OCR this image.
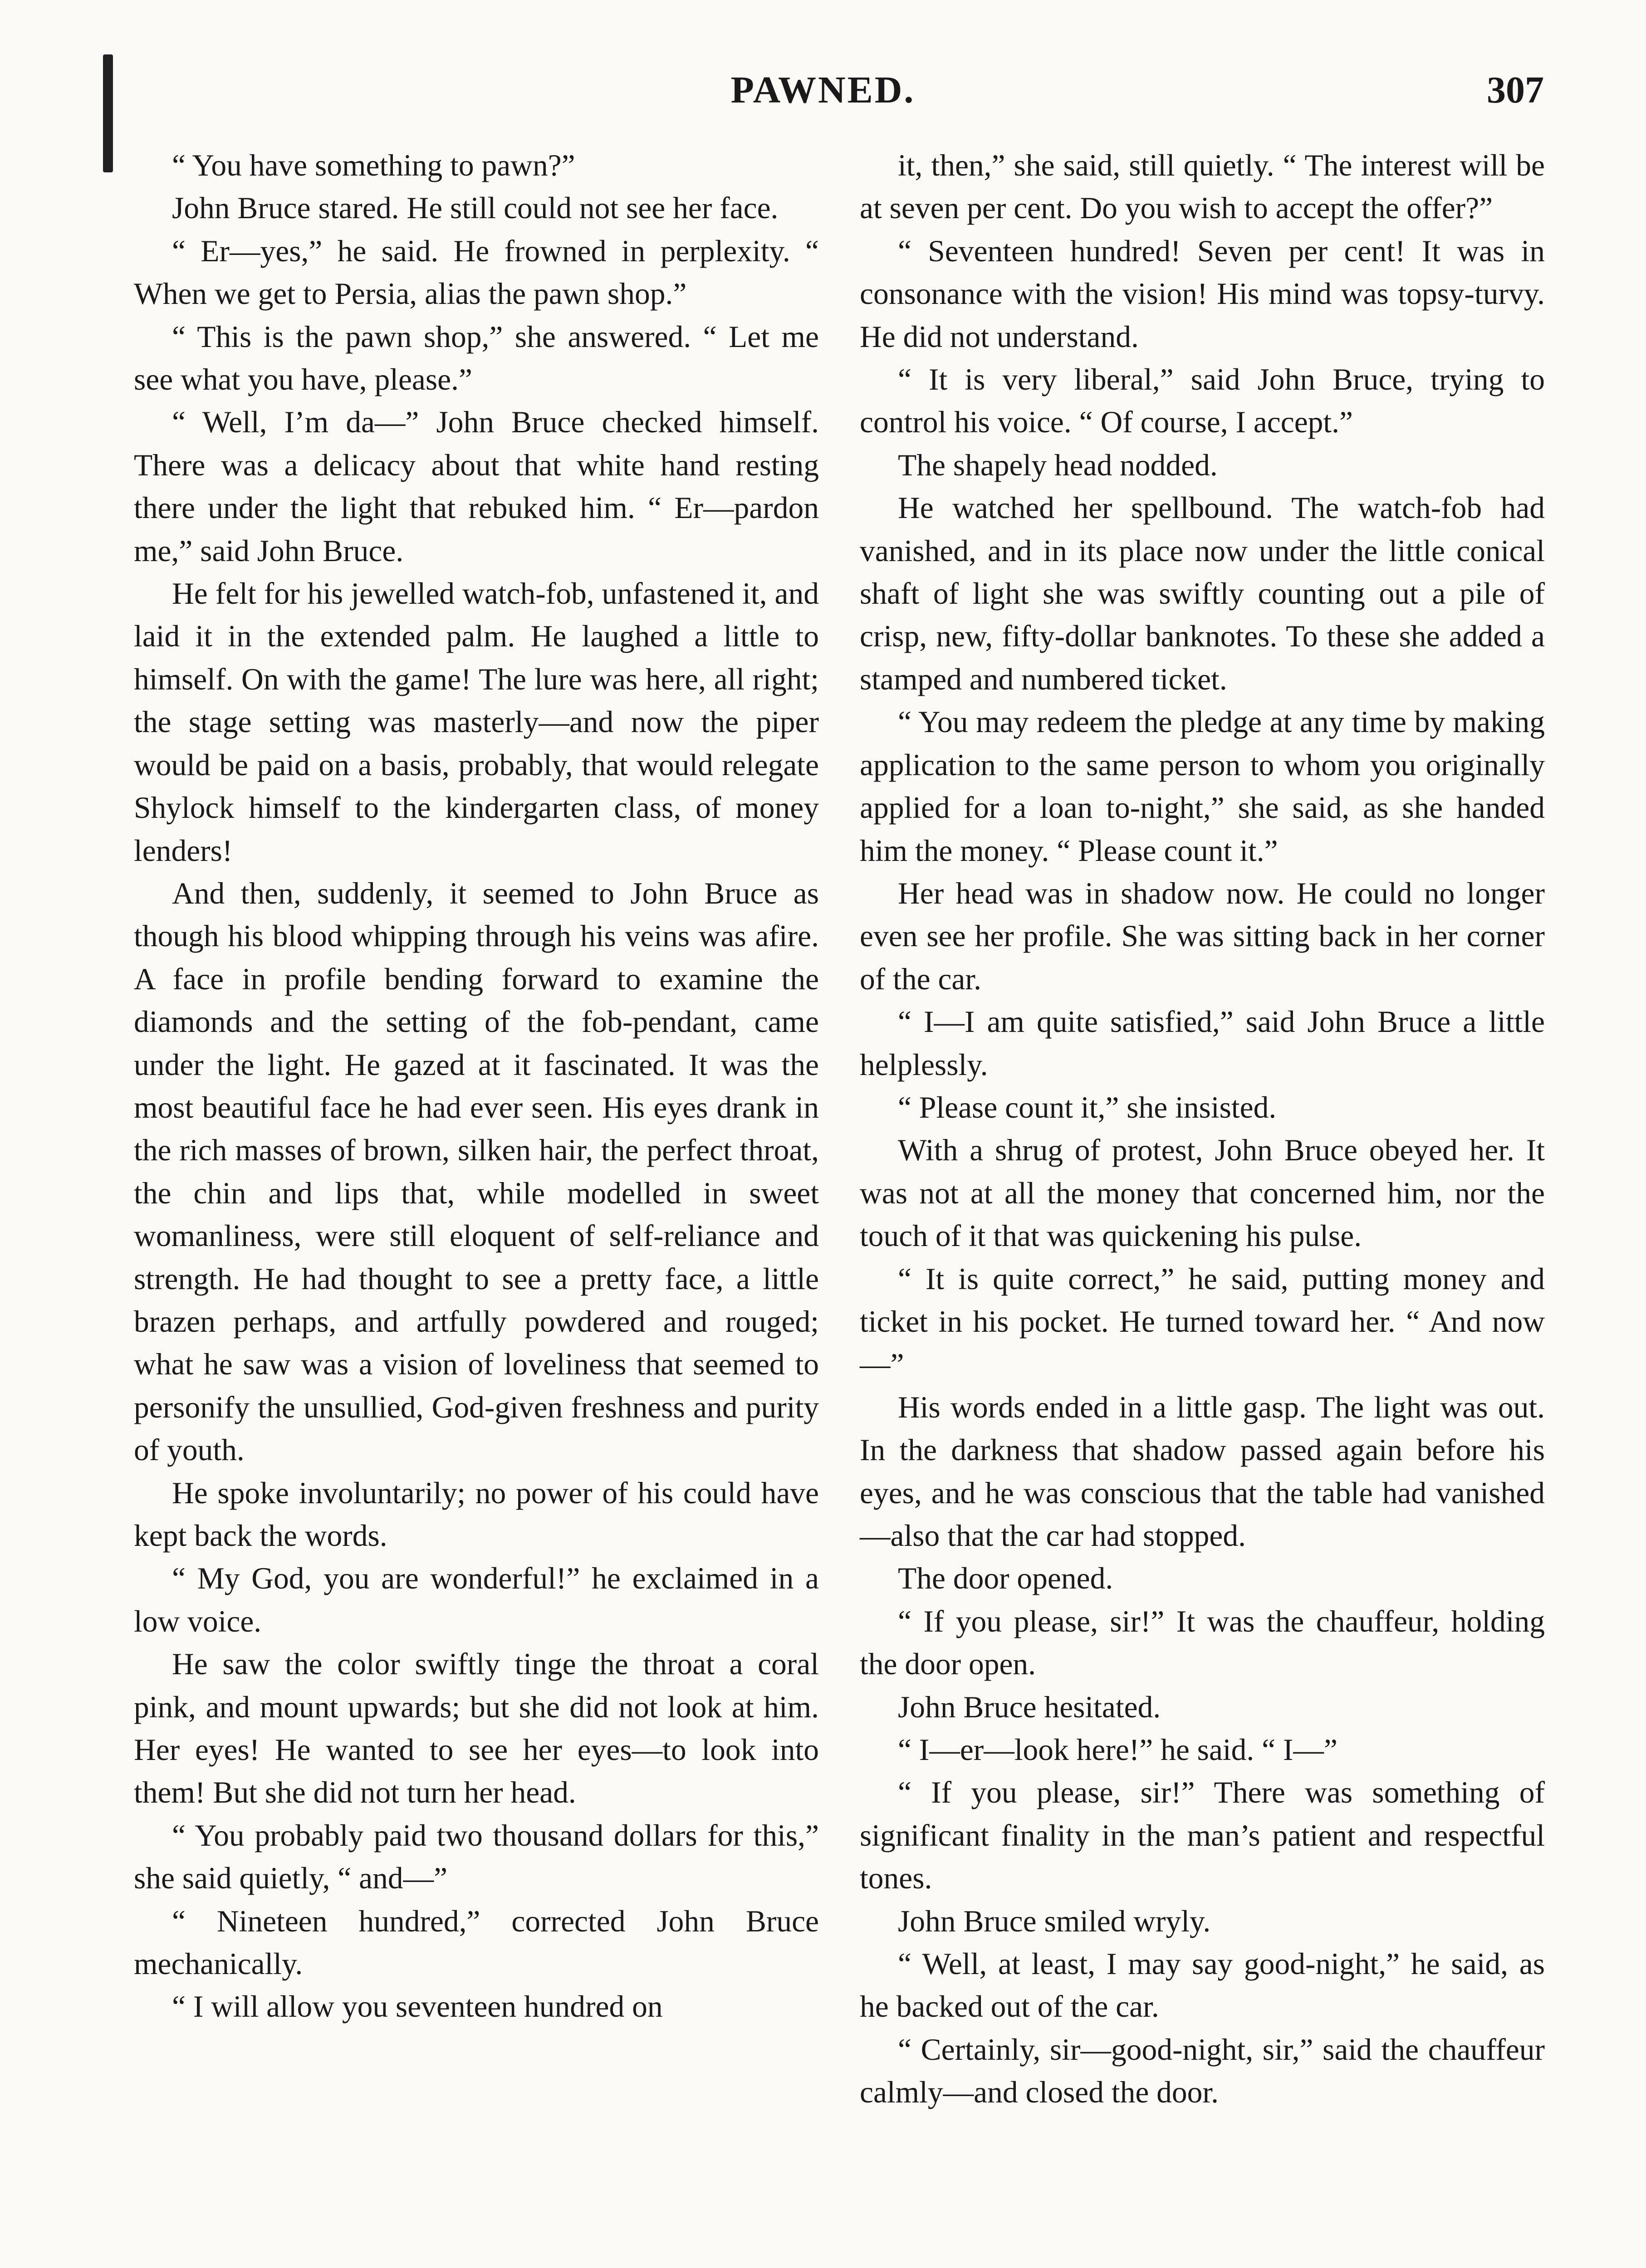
PAWNED.	307

“ You have something to pawn?”

John Bruce stared. He still could not see her face.

“ Er—yes,” he said. He frowned in perplexity. “ When we get to Persia, alias the pawn shop.”

“ This is the pawn shop,” she answered. “ Let me see what you have, please.”

“ Well, I’m da—” John Bruce checked himself. There was a delicacy about that white hand resting there under the light that rebuked him. “ Er—pardon me,” said John Bruce.

He felt for his jewelled watch-fob, unfastened it, and laid it in the extended palm. He laughed a little to himself. On with the game! The lure was here, all right; the stage setting was masterly—and now the piper would be paid on a basis, probably, that would relegate Shylock himself to the kindergarten class, of money lenders!

And then, suddenly, it seemed to John Bruce as though his blood whipping through his veins was afire. A face in profile bending forward to examine the diamonds and the setting of the fob-pendant, came under the light. He gazed at it fascinated. It was the most beautiful face he had ever seen. His eyes drank in the rich masses of brown, silken hair, the perfect throat, the chin and lips that, while modelled in sweet womanliness, were still eloquent of self-reliance and strength. He had thought to see a pretty face, a little brazen perhaps, and artfully powdered and rouged; what he saw was a vision of loveliness that seemed to personify the unsullied, God-given freshness and purity of youth.

He spoke involuntarily; no power of his could have kept back the words.

“ My God, you are wonderful!” he exclaimed in a low voice.

He saw the color swiftly tinge the throat a coral pink, and mount upwards; but she did not look at him. Her eyes! He wanted to see her eyes—to look into them! But she did not turn her head.

“ You probably paid two thousand dollars for this,” she said quietly, “ and—”

“ Nineteen hundred,” corrected John Bruce mechanically.

“ I will allow you seventeen hundred on

it, then,” she said, still quietly. “ The interest will be at seven per cent. Do you wish to accept the offer?”

“ Seventeen hundred! Seven per cent! It was in consonance with the vision! His mind was topsy-turvy. He did not understand.

“ It is very liberal,” said John Bruce, trying to control his voice. “ Of course, I accept.”

The shapely head nodded.

He watched her spellbound. The watch-fob had vanished, and in its place now under the little conical shaft of light she was swiftly counting out a pile of crisp, new, fifty-dollar banknotes. To these she added a stamped and numbered ticket.

“ You may redeem the pledge at any time by making application to the same person to whom you originally applied for a loan to-night,” she said, as she handed him the money. “ Please count it.”

Her head was in shadow now. He could no longer even see her profile. She was sitting back in her corner of the car.

“ I—I am quite satisfied,” said John Bruce a little helplessly.

“ Please count it,” she insisted.

With a shrug of protest, John Bruce obeyed her. It was not at all the money that concerned him, nor the touch of it that was quickening his pulse.

“ It is quite correct,” he said, putting money and ticket in his pocket. He turned toward her. “ And now—”

His words ended in a little gasp. The light was out. In the darkness that shadow passed again before his eyes, and he was conscious that the table had vanished —also that the car had stopped.

The door opened.

“ If you please, sir!” It was the chauffeur, holding the door open.

John Bruce hesitated.

“ I—er—look here!” he said. “ I—”

“ If you please, sir!” There was something of significant finality in the man’s patient and respectful tones.

John Bruce smiled wryly.

“ Well, at least, I may say good-night,” he said, as he backed out of the car.

“ Certainly, sir—good-night, sir,” said the chauffeur calmly—and closed the door.
